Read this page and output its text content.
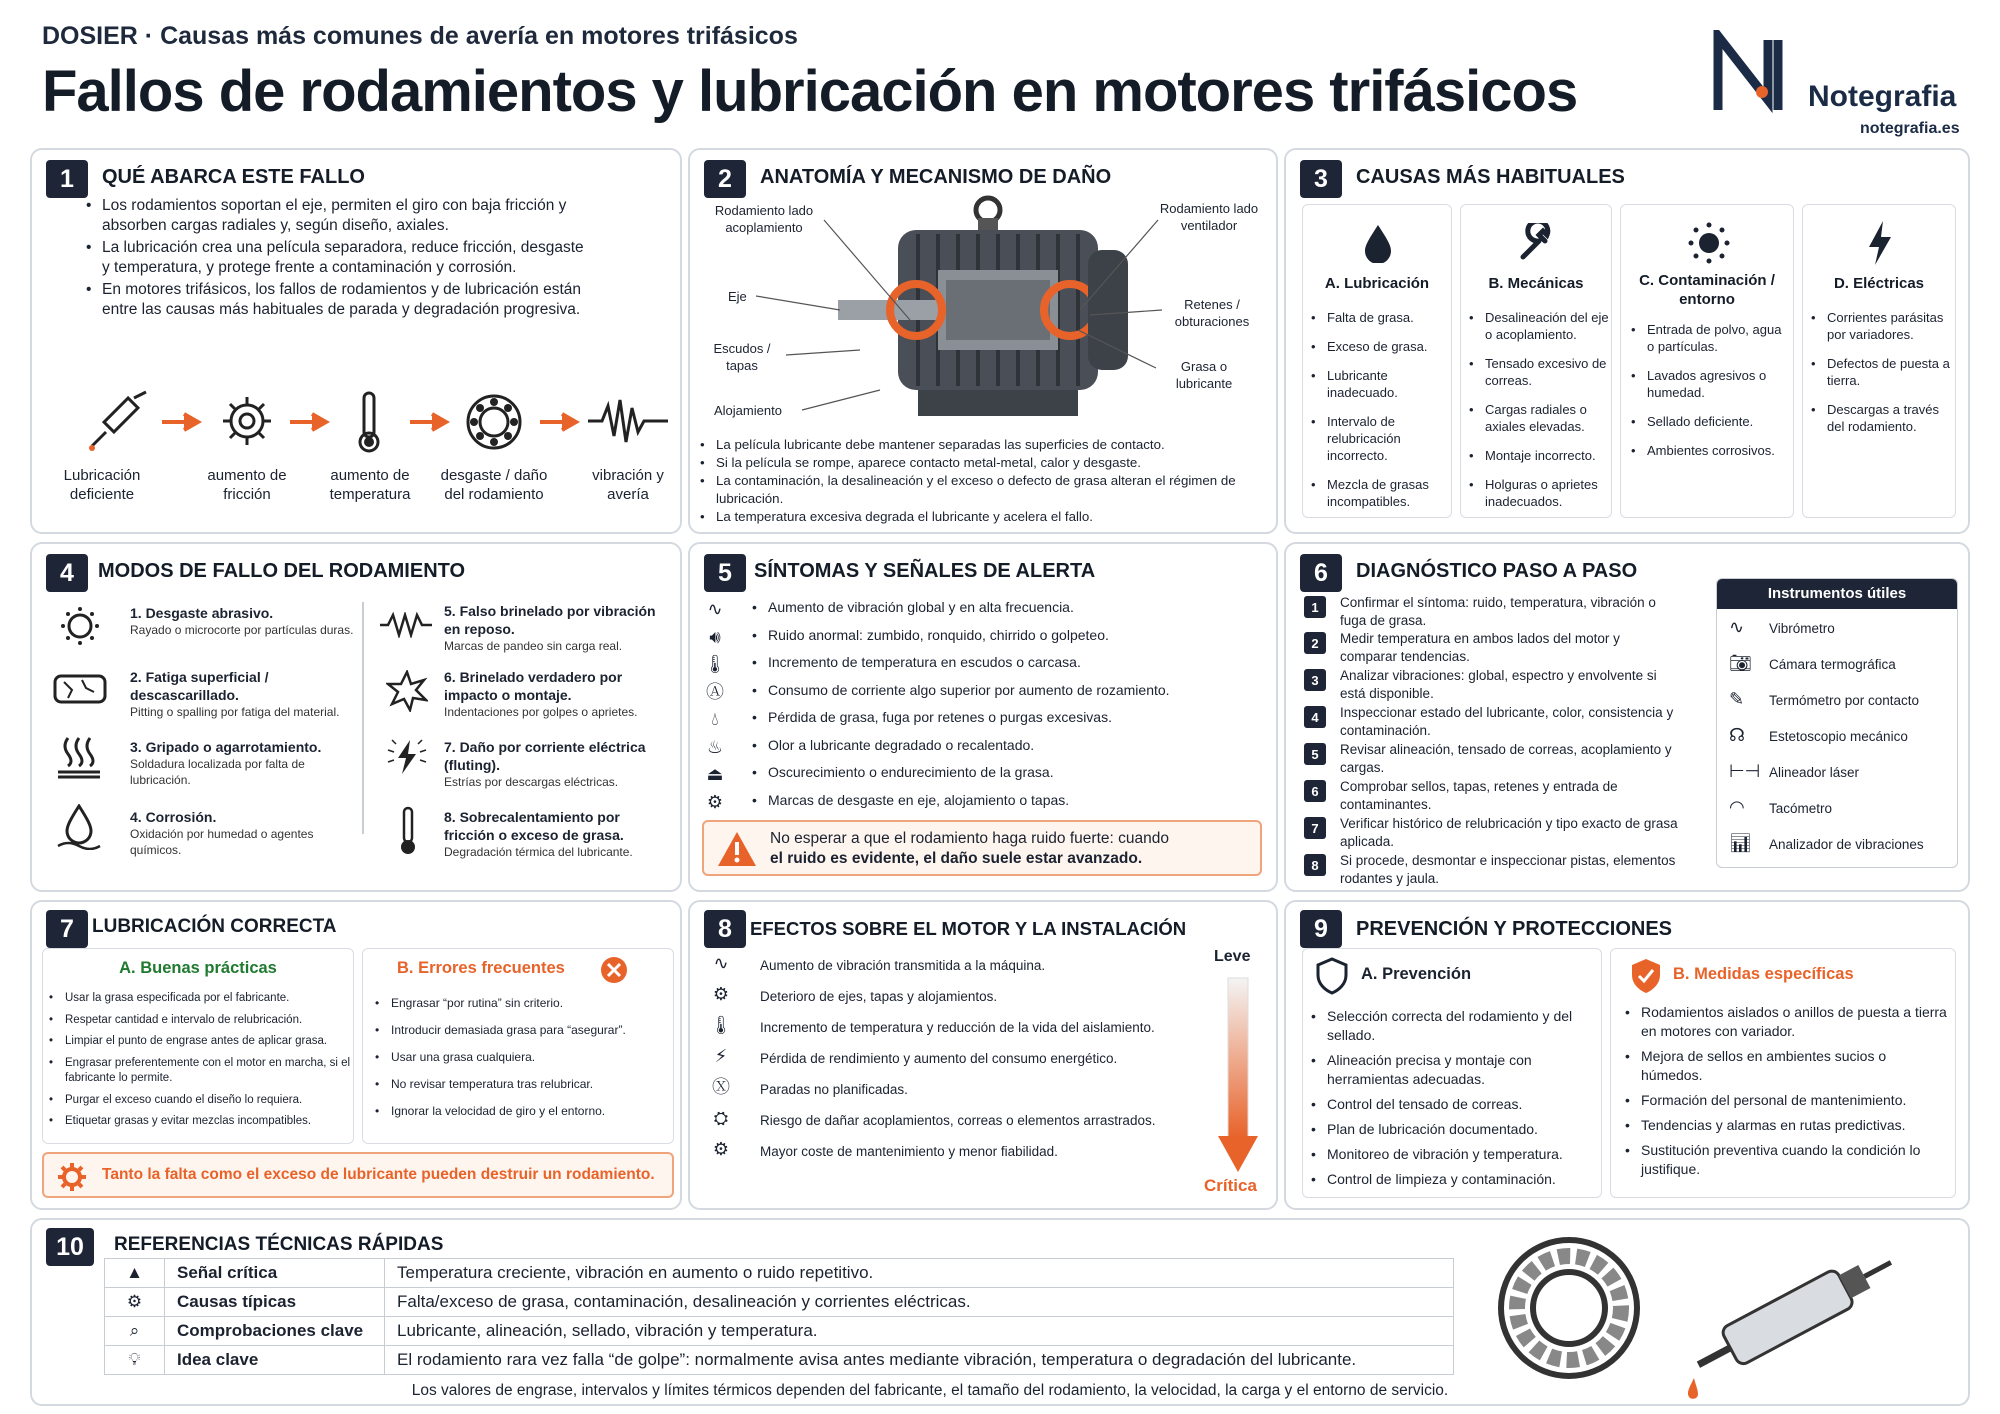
DOSIER · Causas más comunes de avería en motores trifásicos
Fallos de rodamientos y lubricación en motores trifásicos	Notegrafia
notegrafia.es
1	QUÉ ABARCA ESTE FALLO
• Los rodamientos soportan el eje, permiten el giro con baja fricción y absorben cargas radiales y, según diseño, axiales.
• La lubricación crea una película separadora, reduce fricción, desgaste y temperatura, y protege frente a contaminación y corrosión.
• En motores trifásicos, los fallos de rodamientos y de lubricación están entre las causas más habituales de parada y degradación progresiva.
Lubricación deficiente
aumento de fricción
aumento de temperatura
desgaste / daño del rodamiento
vibración y avería
2	ANATOMÍA Y MECANISMO DE DAÑO
Rodamiento lado acoplamiento
Eje
Escudos / tapas
Alojamiento
Rodamiento lado ventilador
Retenes / obturaciones
Grasa o lubricante
• La película lubricante debe mantener separadas las superficies de contacto.
• Si la película se rompe, aparece contacto metal-metal, calor y desgaste.
• La contaminación, la desalineación y el exceso o defecto de grasa alteran el régimen de lubricación.
• La temperatura excesiva degrada el lubricante y acelera el fallo.
3	CAUSAS MÁS HABITUALES
A. Lubricación
• Falta de grasa.
• Exceso de grasa.
• Lubricante inadecuado.
• Intervalo de relubricación incorrecto.
• Mezcla de grasas incompatibles.
B. Mecánicas
• Desalineación del eje o acoplamiento.
• Tensado excesivo de correas.
• Cargas radiales o axiales elevadas.
• Montaje incorrecto.
• Holguras o aprietes inadecuados.
C. Contaminación / entorno
• Entrada de polvo, agua o partículas.
• Lavados agresivos o humedad.
• Sellado deficiente.
• Ambientes corrosivos.
D. Eléctricas
• Corrientes parásitas por variadores.
• Defectos de puesta a tierra.
• Descargas a través del rodamiento.
4	MODOS DE FALLO DEL RODAMIENTO
1. Desgaste abrasivo.
Rayado o microcorte por partículas duras.
2. Fatiga superficial / descascarillado.
Pitting o spalling por fatiga del material.
3. Gripado o agarrotamiento.
Soldadura localizada por falta de lubricación.
4. Corrosión.
Oxidación por humedad o agentes químicos.
5. Falso brinelado por vibración en reposo.
Marcas de pandeo sin carga real.
6. Brinelado verdadero por impacto o montaje.
Indentaciones por golpes o aprietes.
7. Daño por corriente eléctrica (fluting).
Estrías por descargas eléctricas.
8. Sobrecalentamiento por fricción o exceso de grasa.
Degradación térmica del lubricante.
5	SÍNTOMAS Y SEÑALES DE ALERTA
∿
🔊︎
🌡︎
Ⓐ
💧︎
♨
⏏
⚙
• Aumento de vibración global y en alta frecuencia.
• Ruido anormal: zumbido, ronquido, chirrido o golpeteo.
• Incremento de temperatura en escudos o carcasa.
• Consumo de corriente algo superior por aumento de rozamiento.
• Pérdida de grasa, fuga por retenes o purgas excesivas.
• Olor a lubricante degradado o recalentado.
• Oscurecimiento o endurecimiento de la grasa.
• Marcas de desgaste en eje, alojamiento o tapas.
No esperar a que el rodamiento haga ruido fuerte: cuando
el ruido es evidente, el daño suele estar avanzado.
6	DIAGNÓSTICO PASO A PASO
1	Confirmar el síntoma: ruido, temperatura, vibración o fuga de grasa.
2	Medir temperatura en ambos lados del motor y comparar tendencias.
3	Analizar vibraciones: global, espectro y envolvente si está disponible.
4	Inspeccionar estado del lubricante, color, consistencia y contaminación.
5	Revisar alineación, tensado de correas, acoplamiento y cargas.
6	Comprobar sellos, tapas, retenes y entrada de contaminantes.
7	Verificar histórico de relubricación y tipo exacto de grasa aplicada.
8	Si procede, desmontar e inspeccionar pistas, elementos rodantes y jaula.
Instrumentos útiles
∿ Vibrómetro
📷︎ Cámara termográfica
✎ Termómetro por contacto
☊ Estetoscopio mecánico
⊢⊣ Alineador láser
◠ Tacómetro
📊︎ Analizador de vibraciones
7 LUBRICACIÓN CORRECTA
A. Buenas prácticas
• Usar la grasa especificada por el fabricante.
• Respetar cantidad e intervalo de relubricación.
• Limpiar el punto de engrase antes de aplicar grasa.
• Engrasar preferentemente con el motor en marcha, si el fabricante lo permite.
• Purgar el exceso cuando el diseño lo requiera.
• Etiquetar grasas y evitar mezclas incompatibles.
B. Errores frecuentes
• Engrasar “por rutina” sin criterio.
• Introducir demasiada grasa para “asegurar”.
• Usar una grasa cualquiera.
• No revisar temperatura tras relubricar.
• Ignorar la velocidad de giro y el entorno.
Tanto la falta como el exceso de lubricante pueden destruir un rodamiento.
8 EFECTOS SOBRE EL MOTOR Y LA INSTALACIÓN
∿
⚙
🌡︎
⚡︎
Ⓧ
⛭
⚙
Aumento de vibración transmitida a la máquina.
Deterioro de ejes, tapas y alojamientos.
Incremento de temperatura y reducción de la vida del aislamiento.
Pérdida de rendimiento y aumento del consumo energético.
Paradas no planificadas.
Riesgo de dañar acoplamientos, correas o elementos arrastrados.
Mayor coste de mantenimiento y menor fiabilidad.
Leve
Crítica
9	PREVENCIÓN Y PROTECCIONES
A. Prevención
• Selección correcta del rodamiento y del sellado.
• Alineación precisa y montaje con herramientas adecuadas.
• Control del tensado de correas.
• Plan de lubricación documentado.
• Monitoreo de vibración y temperatura.
• Control de limpieza y contaminación.
B. Medidas específicas
• Rodamientos aislados o anillos de puesta a tierra en motores con variador.
• Mejora de sellos en ambientes sucios o húmedos.
• Formación del personal de mantenimiento.
• Tendencias y alarmas en rutas predictivas.
• Sustitución preventiva cuando la condición lo justifique.
10	REFERENCIAS TÉCNICAS RÁPIDAS
▲	Señal crítica	Temperatura creciente, vibración en aumento o ruido repetitivo.
⚙	Causas típicas	Falta/exceso de grasa, contaminación, desalineación y corrientes eléctricas.
⌕	Comprobaciones clave	Lubricante, alineación, sellado, vibración y temperatura.
💡︎	Idea clave	El rodamiento rara vez falla “de golpe”: normalmente avisa antes mediante vibración, temperatura o degradación del lubricante.
Los valores de engrase, intervalos y límites térmicos dependen del fabricante, el tamaño del rodamiento, la velocidad, la carga y el entorno de servicio.
